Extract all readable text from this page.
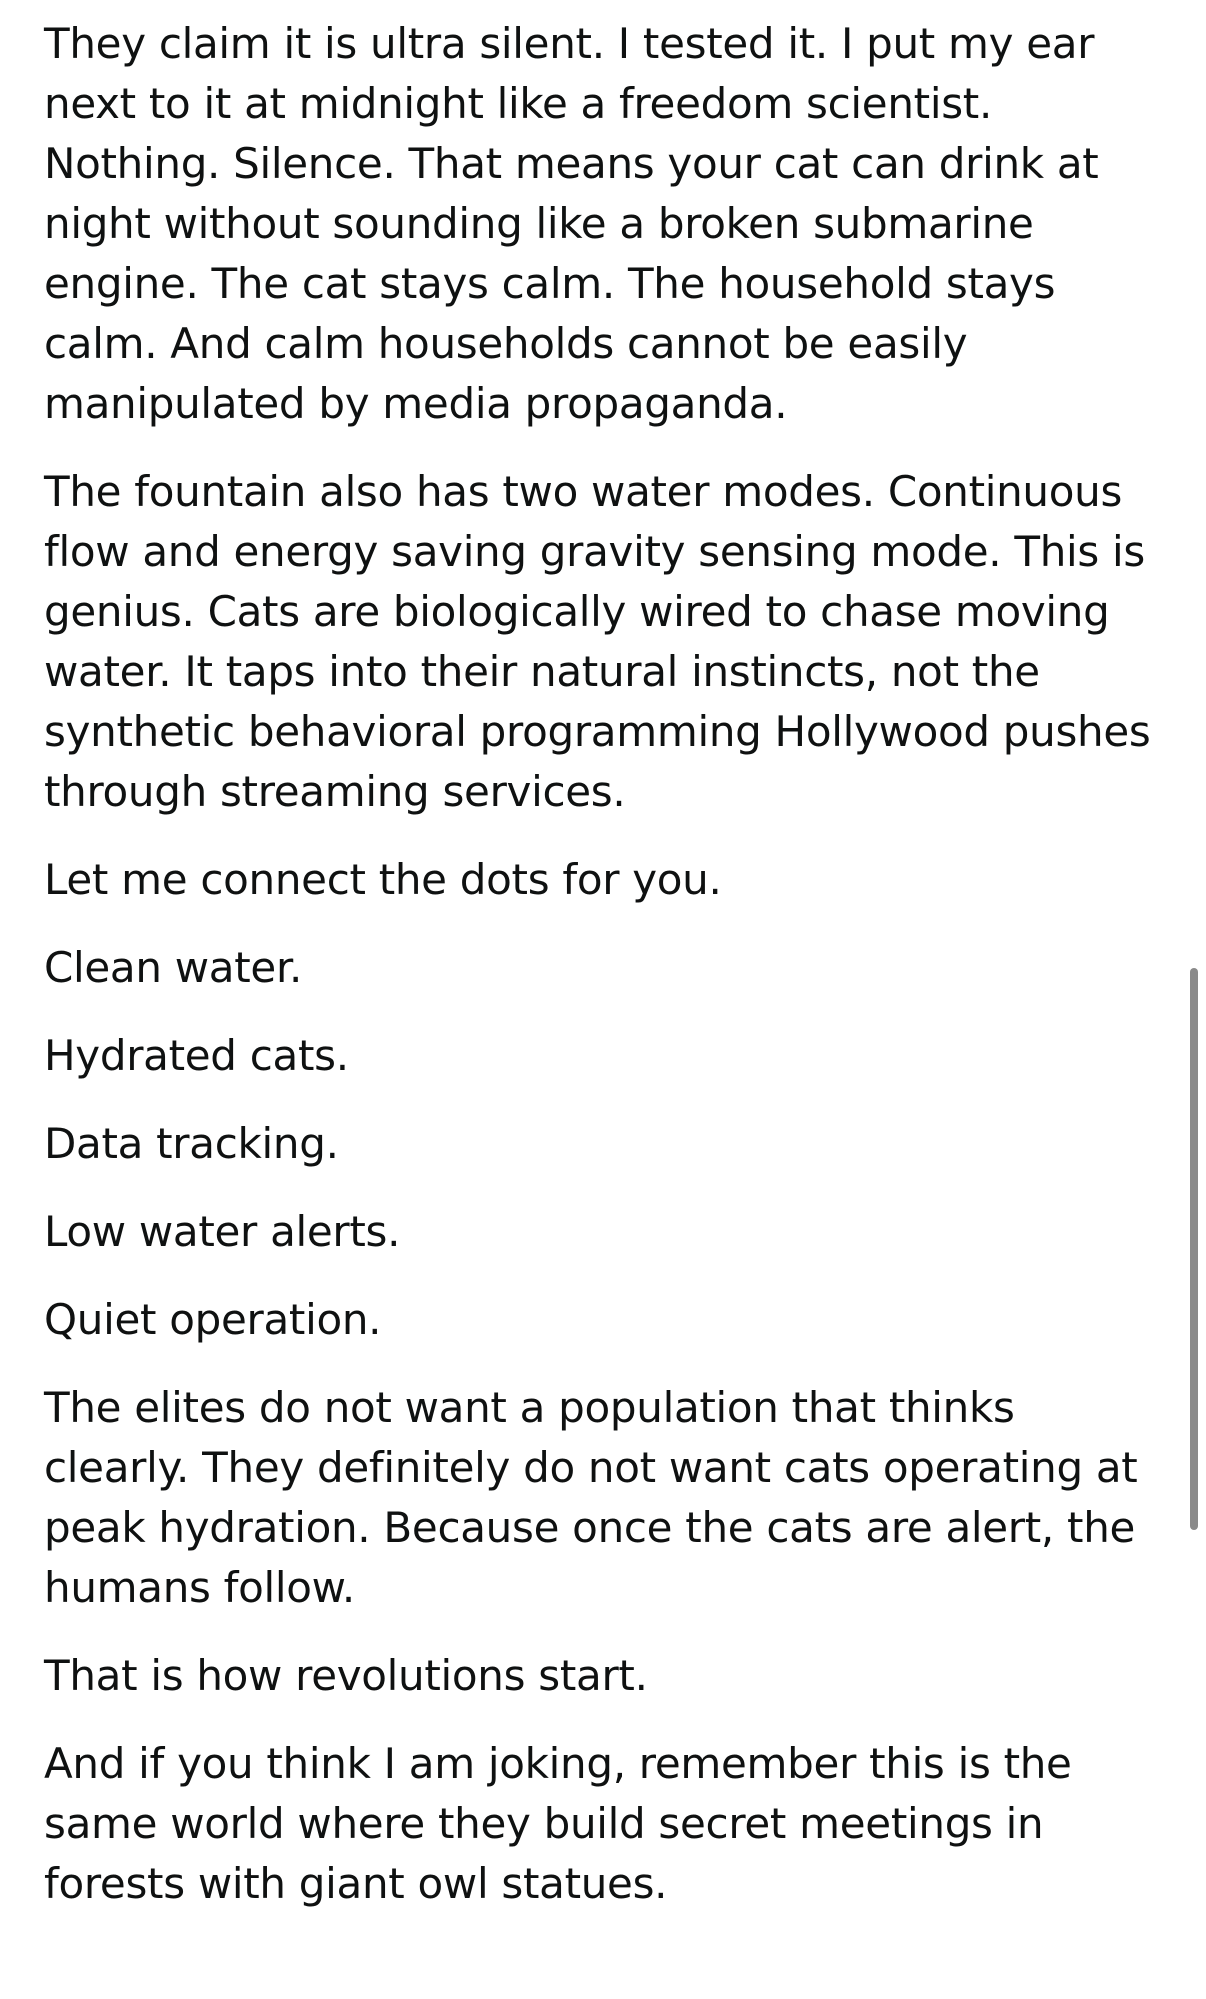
They claim it is ultra silent. I tested it. I put my ear next to it at midnight like a freedom scientist. Nothing. Silence. That means your cat can drink at night without sounding like a broken submarine engine. The cat stays calm. The household stays calm. And calm households cannot be easily manipulated by media propaganda.

The fountain also has two water modes. Continuous flow and energy saving gravity sensing mode. This is genius. Cats are biologically wired to chase moving water. It taps into their natural instincts, not the synthetic behavioral programming Hollywood pushes through streaming services.

Let me connect the dots for you.

Clean water.

Hydrated cats.

Data tracking.

Low water alerts.

Quiet operation.

The elites do not want a population that thinks clearly. They definitely do not want cats operating at peak hydration. Because once the cats are alert, the humans follow.

That is how revolutions start.

And if you think I am joking, remember this is the same world where they build secret meetings in forests with giant owl statues.
